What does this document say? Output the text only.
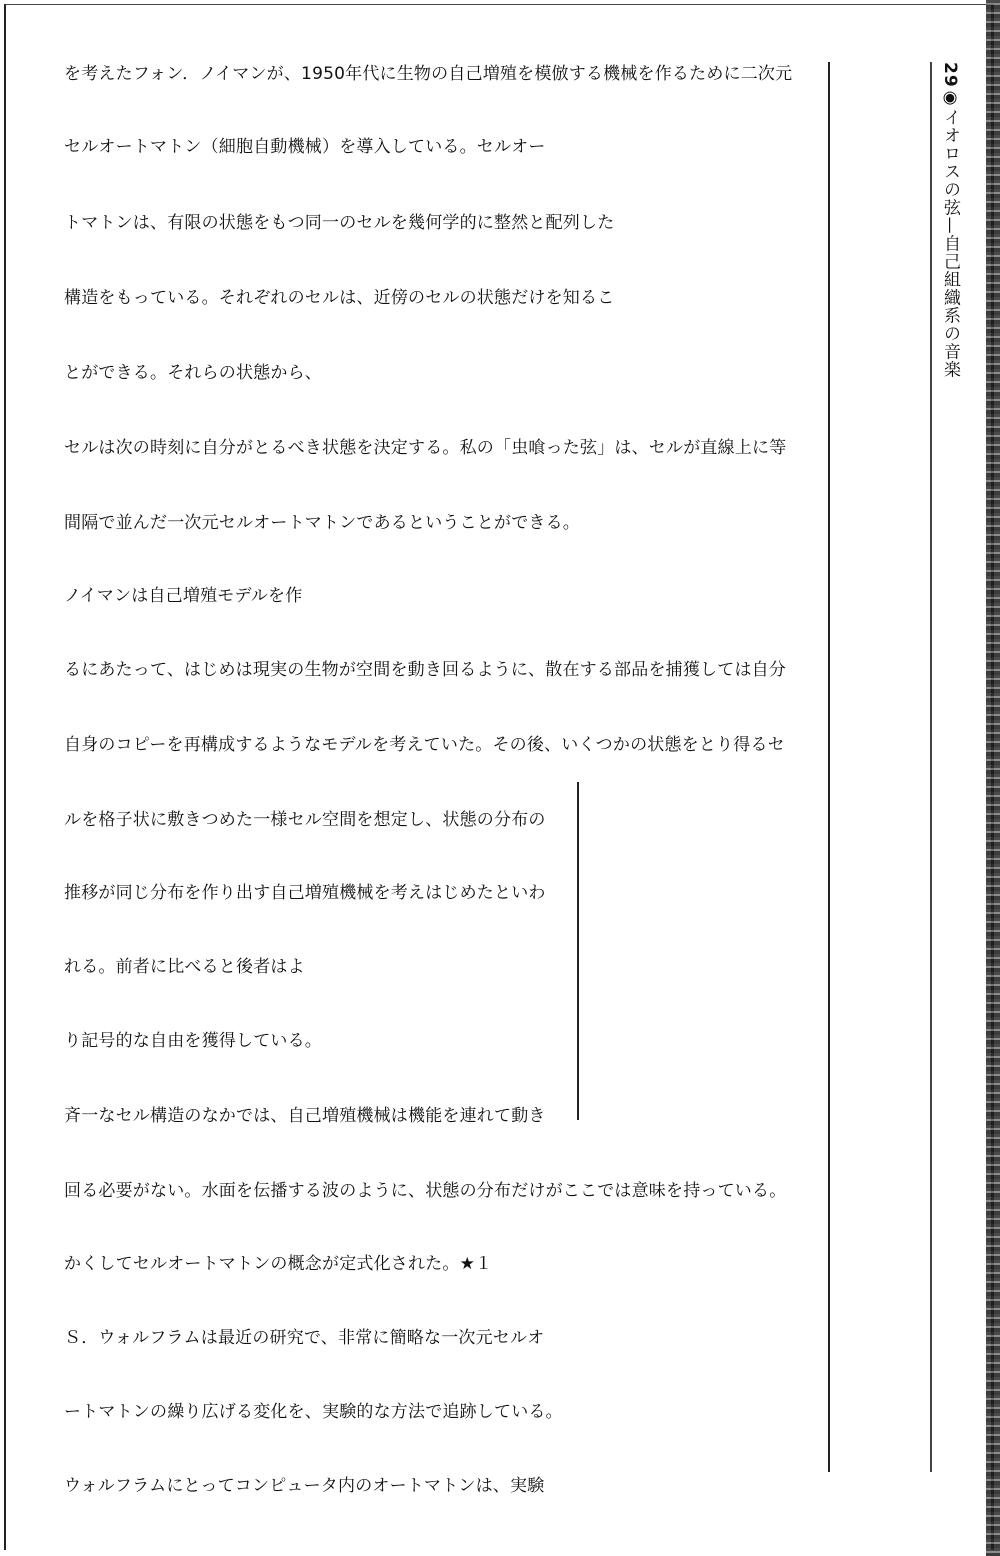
を考えたフォン．ノイマンが、1950年代に生物の自己増殖を模倣する機械を作るために二次元
セルオートマトン（細胞自動機械）を導入している。セルオー
トマトンは、有限の状態をもつ同一のセルを幾何学的に整然と配列した
構造をもっている。それぞれのセルは、近傍のセルの状態だけを知るこ
とができる。それらの状態から、
セルは次の時刻に自分がとるべき状態を決定する。私の「虫喰った弦」は、セルが直線上に等
間隔で並んだ一次元セルオートマトンであるということができる。
ノイマンは自己増殖モデルを作
るにあたって、はじめは現実の生物が空間を動き回るように、散在する部品を捕獲しては自分
自身のコピーを再構成するようなモデルを考えていた。その後、いくつかの状態をとり得るセ
ルを格子状に敷きつめた一様セル空間を想定し、状態の分布の
推移が同じ分布を作り出す自己増殖機械を考えはじめたといわ
れる。前者に比べると後者はよ
り記号的な自由を獲得している。
斉一なセル構造のなかでは、自己増殖機械は機能を連れて動き
回る必要がない。水面を伝播する波のように、状態の分布だけがここでは意味を持っている。
かくしてセルオートマトンの概念が定式化された。★１
Ｓ．ウォルフラムは最近の研究で、非常に簡略な一次元セルオ
ートマトンの繰り広げる変化を、実験的な方法で追跡している。
ウォルフラムにとってコンピュータ内のオートマトンは、実験
29◉イオロスの弦—自己組織系の音楽
